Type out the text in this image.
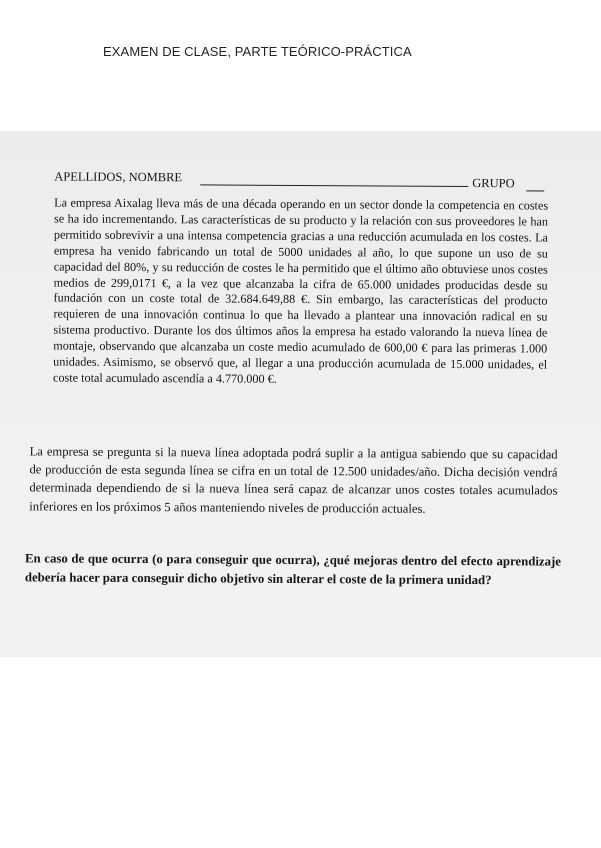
EXAMEN DE CLASE, PARTE TEÓRICO-PRÁCTICA
APELLIDOS, NOMBRE	GRUPO

La empresa Aixalag lleva más de una década operando en un sector donde la competencia en costes se ha ido incrementando. Las características de su producto y la relación con sus proveedores le han permitido sobrevivir a una intensa competencia gracias a una reducción acumulada en los costes. La empresa ha venido fabricando un total de 5000 unidades al año, lo que supone un uso de su capacidad del 80%, y su reducción de costes le ha permitido que el último año obtuviese unos costes medios de 299,0171 €, a la vez que alcanzaba la cifra de 65.000 unidades producidas desde su fundación con un coste total de 32.684.649,88 €. Sin embargo, las características del producto requieren de una innovación continua lo que ha llevado a plantear una innovación radical en su sistema productivo. Durante los dos últimos años la empresa ha estado valorando la nueva línea de montaje, observando que alcanzaba un coste medio acumulado de 600,00 € para las primeras 1.000 unidades. Asimismo, se observó que, al llegar a una producción acumulada de 15.000 unidades, el coste total acumulado ascendía a 4.770.000 €.

La empresa se pregunta si la nueva línea adoptada podrá suplir a la antigua sabiendo que su capacidad de producción de esta segunda línea se cifra en un total de 12.500 unidades/año. Dicha decisión vendrá determinada dependiendo de si la nueva línea será capaz de alcanzar unos costes totales acumulados inferiores en los próximos 5 años manteniendo niveles de producción actuales.

En caso de que ocurra (o para conseguir que ocurra), ¿qué mejoras dentro del efecto aprendizaje debería hacer para conseguir dicho objetivo sin alterar el coste de la primera unidad?
